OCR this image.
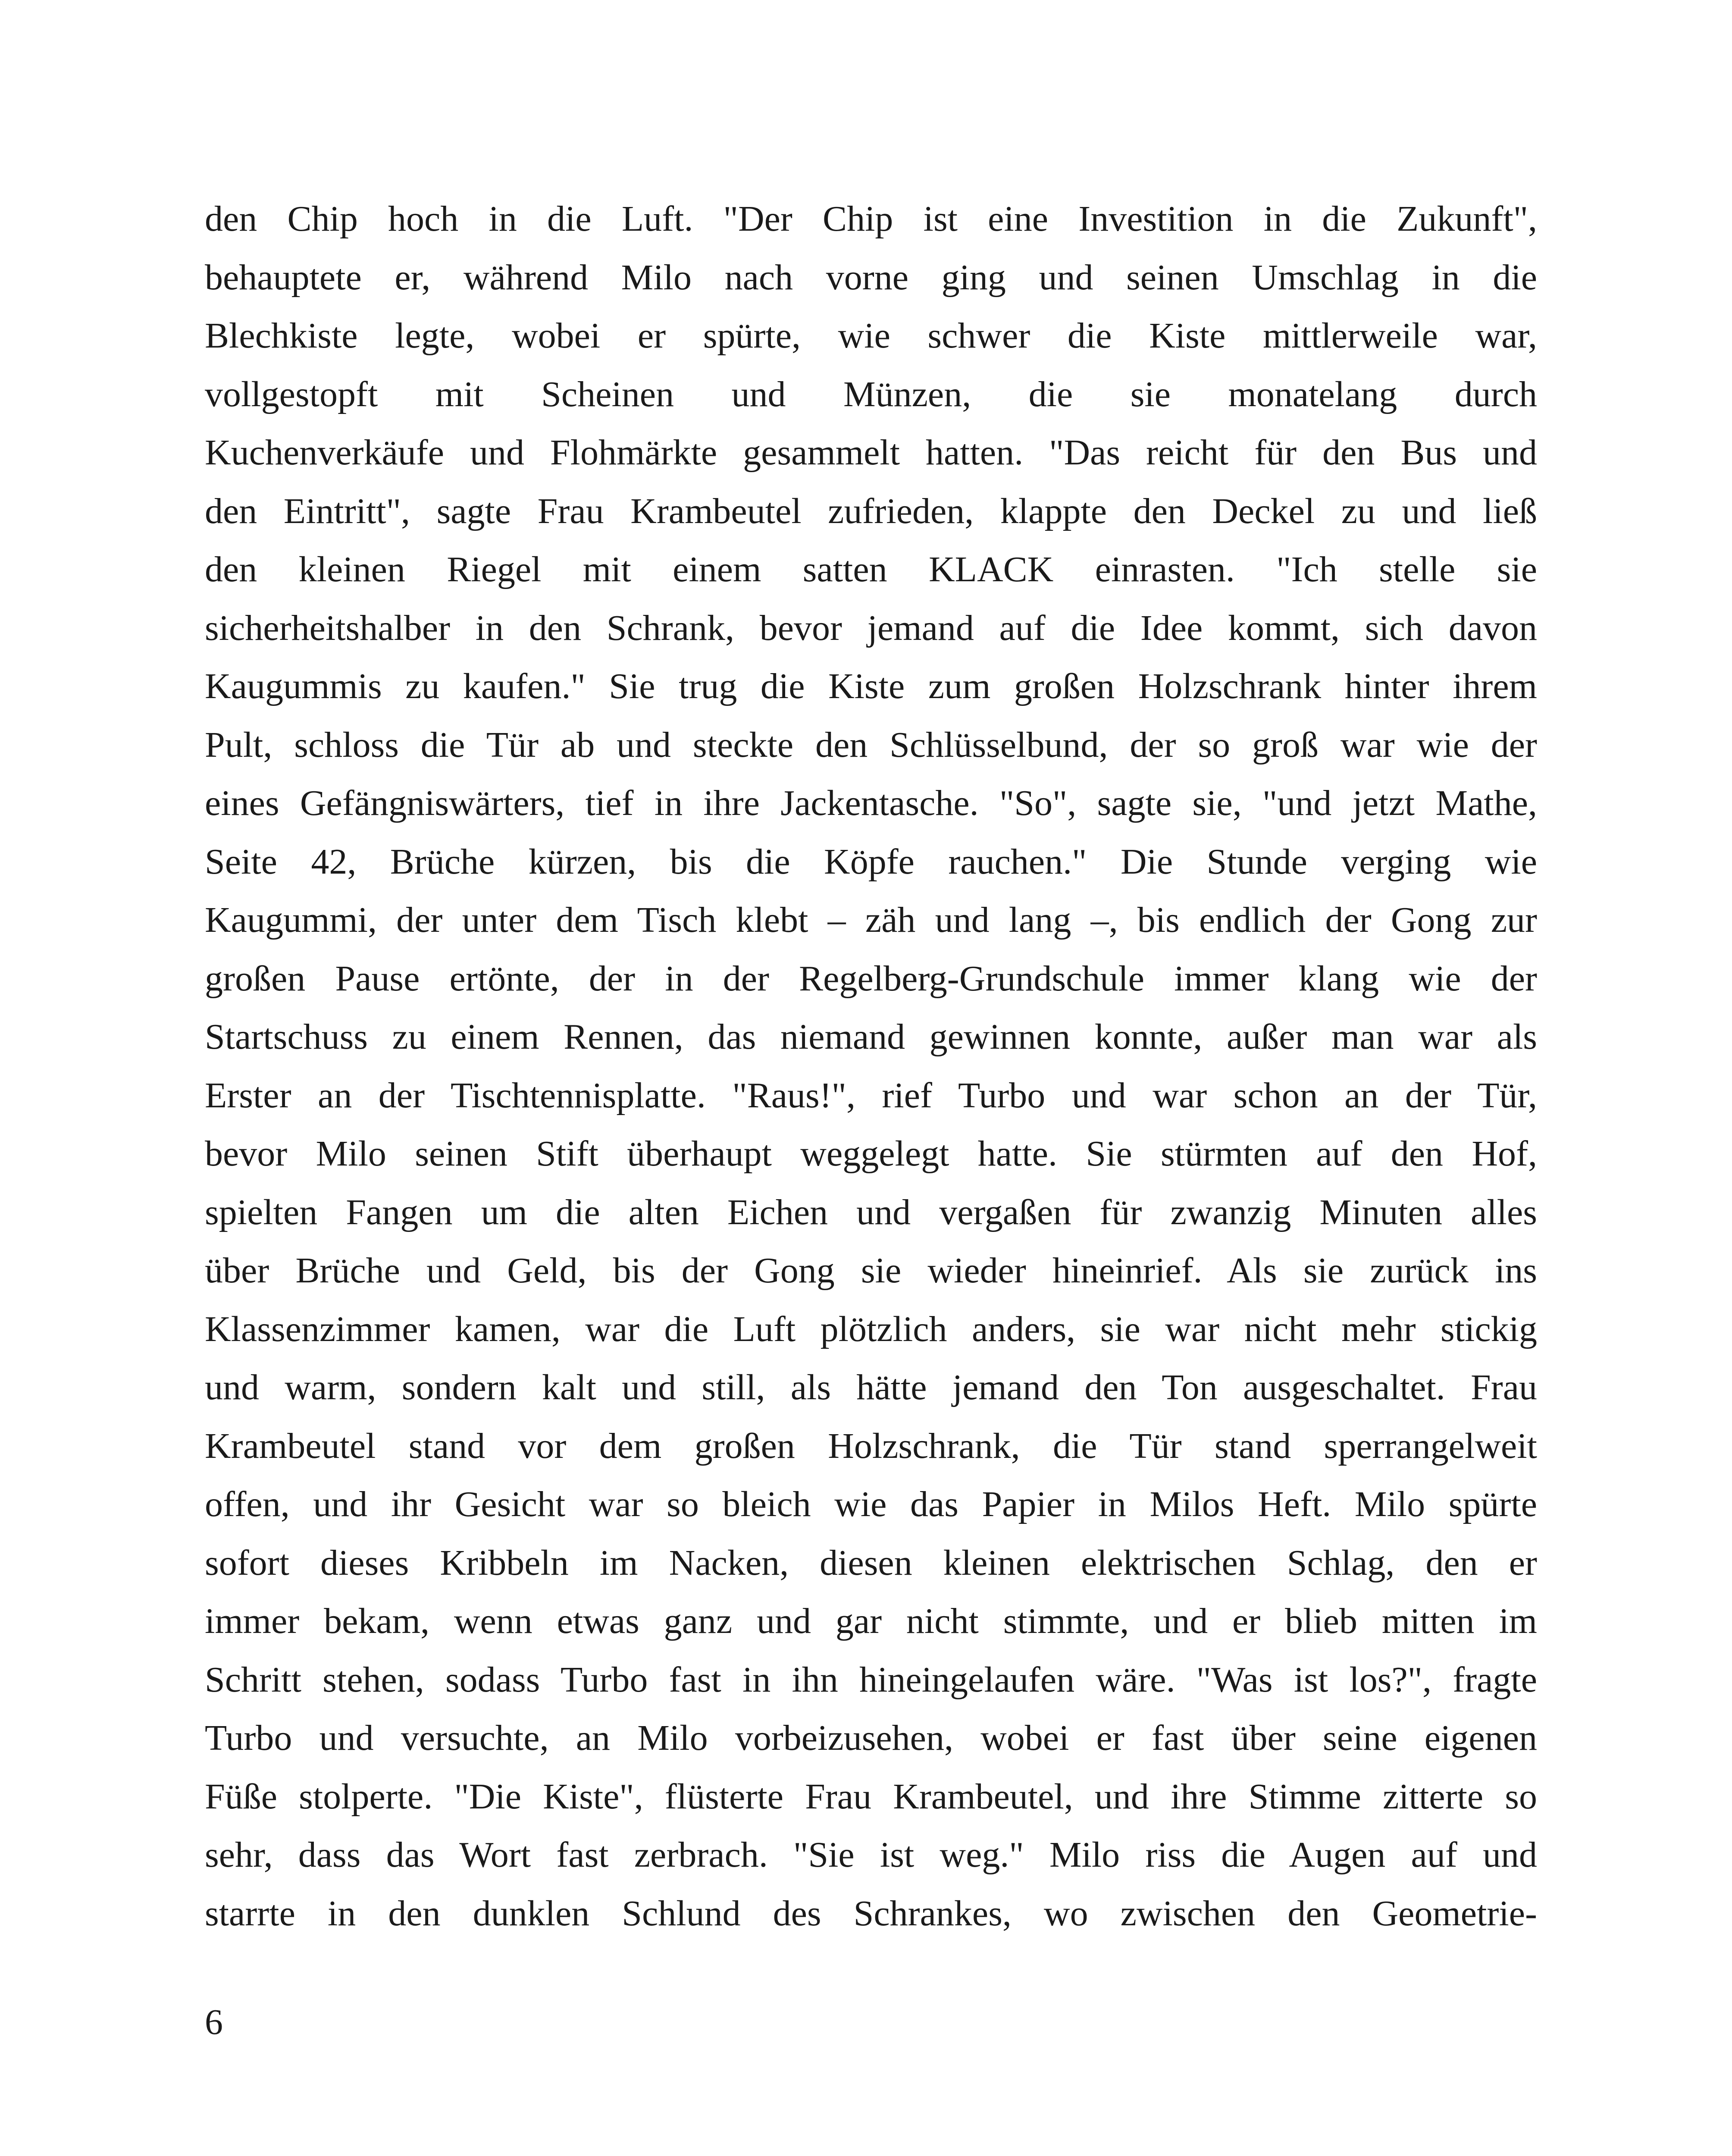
den Chip hoch in die Luft. "Der Chip ist eine Investition in die Zukunft",
behauptete er, während Milo nach vorne ging und seinen Umschlag in die
Blechkiste legte, wobei er spürte, wie schwer die Kiste mittlerweile war,
vollgestopft mit Scheinen und Münzen, die sie monatelang durch
Kuchenverkäufe und Flohmärkte gesammelt hatten. "Das reicht für den Bus und
den Eintritt", sagte Frau Krambeutel zufrieden, klappte den Deckel zu und ließ
den kleinen Riegel mit einem satten KLACK einrasten. "Ich stelle sie
sicherheitshalber in den Schrank, bevor jemand auf die Idee kommt, sich davon
Kaugummis zu kaufen." Sie trug die Kiste zum großen Holzschrank hinter ihrem
Pult, schloss die Tür ab und steckte den Schlüsselbund, der so groß war wie der
eines Gefängniswärters, tief in ihre Jackentasche. "So", sagte sie, "und jetzt Mathe,
Seite 42, Brüche kürzen, bis die Köpfe rauchen." Die Stunde verging wie
Kaugummi, der unter dem Tisch klebt – zäh und lang –, bis endlich der Gong zur
großen Pause ertönte, der in der Regelberg-Grundschule immer klang wie der
Startschuss zu einem Rennen, das niemand gewinnen konnte, außer man war als
Erster an der Tischtennisplatte. "Raus!", rief Turbo und war schon an der Tür,
bevor Milo seinen Stift überhaupt weggelegt hatte. Sie stürmten auf den Hof,
spielten Fangen um die alten Eichen und vergaßen für zwanzig Minuten alles
über Brüche und Geld, bis der Gong sie wieder hineinrief. Als sie zurück ins
Klassenzimmer kamen, war die Luft plötzlich anders, sie war nicht mehr stickig
und warm, sondern kalt und still, als hätte jemand den Ton ausgeschaltet. Frau
Krambeutel stand vor dem großen Holzschrank, die Tür stand sperrangelweit
offen, und ihr Gesicht war so bleich wie das Papier in Milos Heft. Milo spürte
sofort dieses Kribbeln im Nacken, diesen kleinen elektrischen Schlag, den er
immer bekam, wenn etwas ganz und gar nicht stimmte, und er blieb mitten im
Schritt stehen, sodass Turbo fast in ihn hineingelaufen wäre. "Was ist los?", fragte
Turbo und versuchte, an Milo vorbeizusehen, wobei er fast über seine eigenen
Füße stolperte. "Die Kiste", flüsterte Frau Krambeutel, und ihre Stimme zitterte so
sehr, dass das Wort fast zerbrach. "Sie ist weg." Milo riss die Augen auf und
starrte in den dunklen Schlund des Schrankes, wo zwischen den Geometrie-
6
